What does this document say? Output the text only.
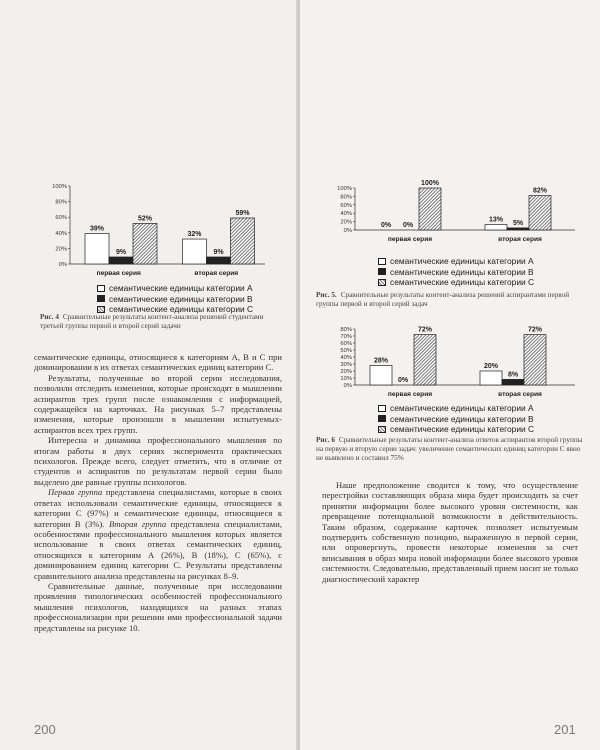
0%
20%
40%
60%
80%
100%
39%
9%
52%
первая серия
32%
9%
59%
вторая серия
семантические единицы категории А
семантические единицы категории В
семантические единицы категории С
Рис. 4 Сравнительные результаты контент-анализа решений студентами третьей группы первой и второй серий задачи

семантические единицы, относящиеся к категориям А, В и С при доминировании в их ответах семантических единиц категории С.

Результаты, полученные во второй серии исследования, позволили отследить изменения, которые происходят в мышлении аспирантов трех групп после ознакомления с информацией, содержащейся на карточках. На рисунках 5–7 представлены изменения, которые произошли в мышлении испытуемых-аспирантов всех трех групп.

Интересна и динамика профессионального мышления по итогам работы в двух сериях эксперимента практических психологов. Прежде всего, следует отметить, что в отличие от студентов и аспирантов по результатам первой серии было выделено две равные группы психологов.

Первая группа представлена специалистами, которые в своих ответах использовали семантические единицы, относящиеся к категории С (97%) и семантические единицы, относящиеся к категории В (3%). Вторая группа представлена специалистами, особенностями профессионального мышления которых является использование в своих ответах семантических единиц, относящихся к категориям А (26%), В (18%), С (65%), с доминированием единиц категории С. Результаты представлены сравнительного анализа представлены на рисунках 8–9.

Сравнительные данные, полученные при исследовании проявления типологических особенностей профессионального мышления психологов, находящихся на разных этапах профессионализации при решении ими профессиональной задачи представлены на рисунке 10.

200
0%
20%
40%
60%
80%
100%
0% 0%
100%
первая серия
13% 5%
82%
вторая серия
семантические единицы категории А
семантические единицы категории В
семантические единицы категории С
Рис. 5. Сравнительные результаты контент-анализа решений аспирантами первой группы первой и второй серий задач
0%
10%
20%
30%
40%
50%
60%
70%
80%
28%
0%
72%
первая серия
20%
8%
72%
вторая серия
семантические единицы категории А
семантические единицы категории В
семантические единицы категории С
Рис. 6 Сравнительные результаты контент-анализа ответов аспирантов второй группы на первую и вторую серии задач: увеличение семантических единиц категории С явно не выявлено и составил 75%

Наше предположение сводится к тому, что осуществление перестройки составляющих образа мира будет происходить за счет принятия информации более высокого уровня системности, как превращение потенциальной возможности в действительность. Таким образом, содержание карточек позволяет испытуемым подтвердить собственную позицию, выраженную в первой серии, или опровергнуть, провести некоторые изменения за счет вписывания в образ мира новой информации более высокого уровня системности. Следовательно, представленный прием носит не только диагностический характер

201
